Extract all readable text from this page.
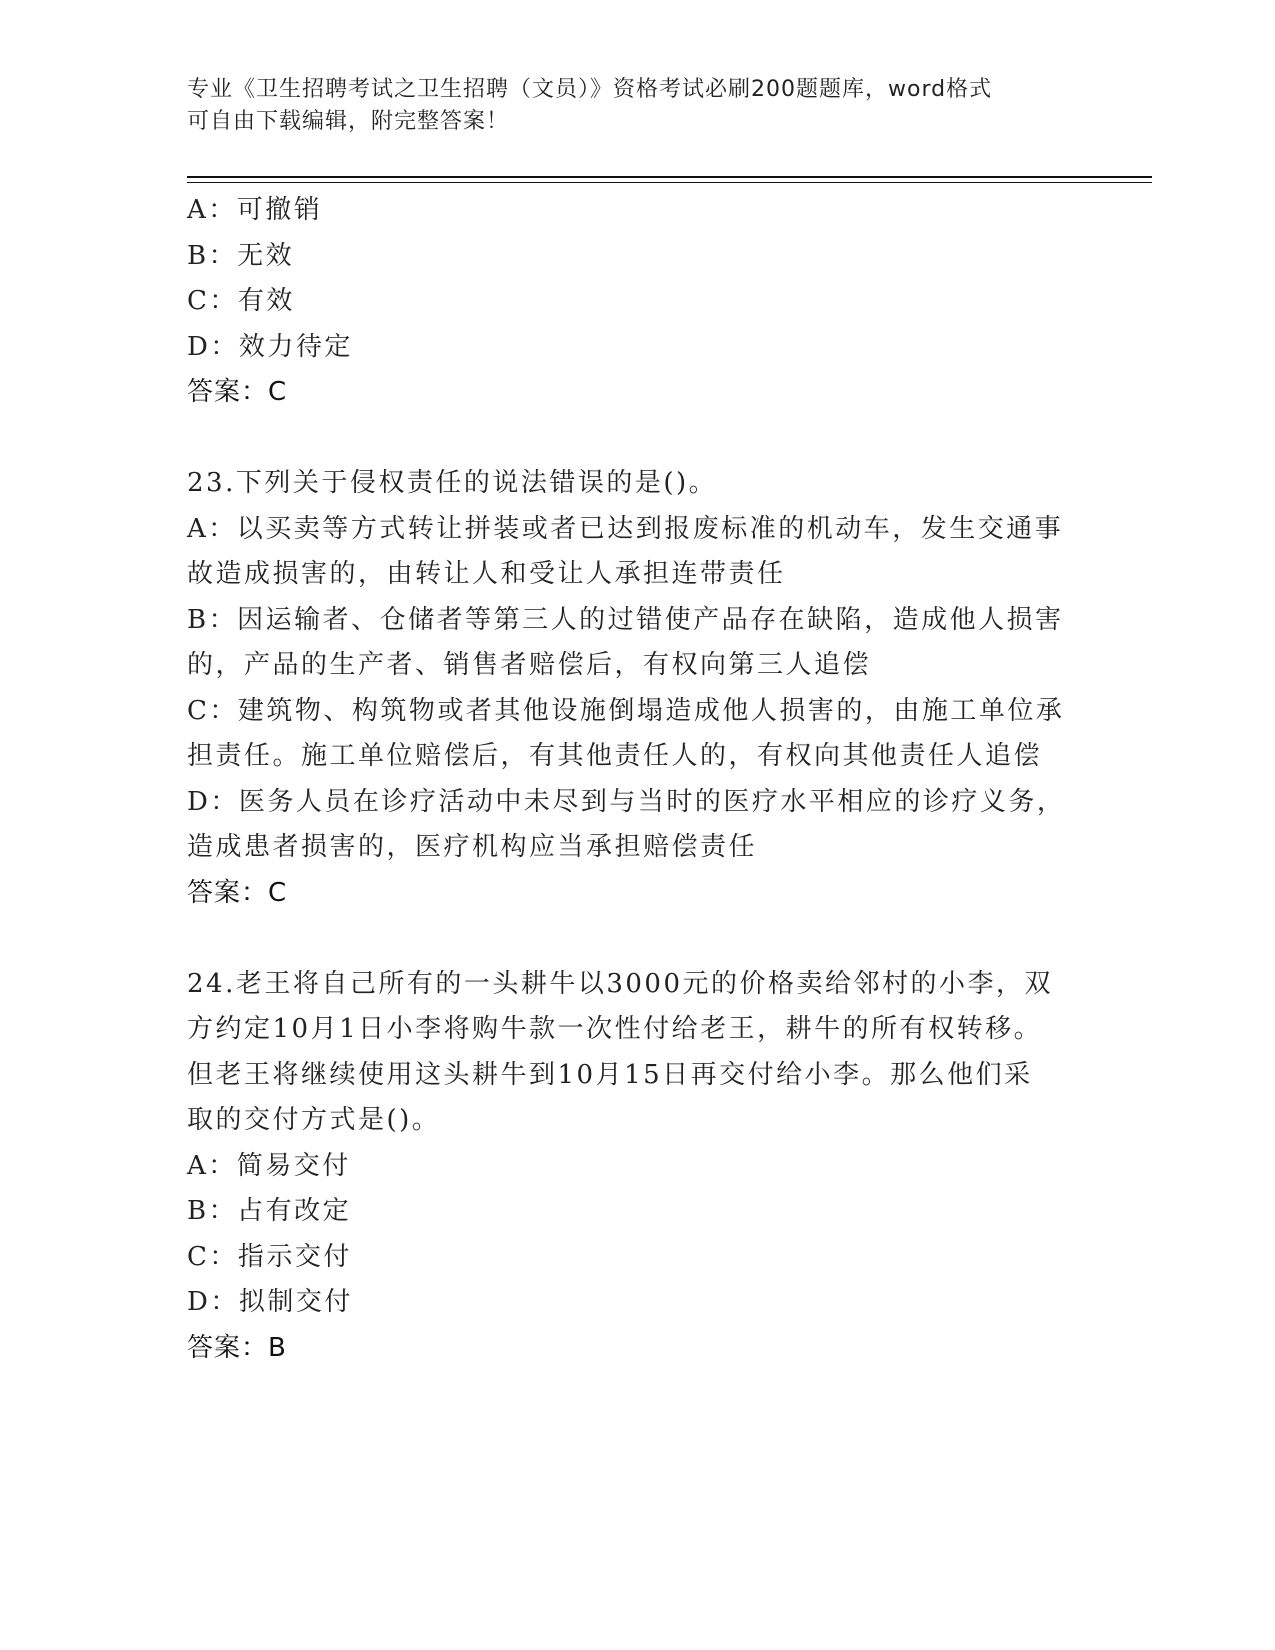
专业《卫生招聘考试之卫生招聘（文员）》资格考试必刷200题题库，word格式
可自由下载编辑，附完整答案！
A：可撤销
B：无效
C：有效
D：效力待定
答案：C
23.下列关于侵权责任的说法错误的是()。
A：以买卖等方式转让拼装或者已达到报废标准的机动车，发生交通事
故造成损害的，由转让人和受让人承担连带责任
B：因运输者、仓储者等第三人的过错使产品存在缺陷，造成他人损害
的，产品的生产者、销售者赔偿后，有权向第三人追偿
C：建筑物、构筑物或者其他设施倒塌造成他人损害的，由施工单位承
担责任。施工单位赔偿后，有其他责任人的，有权向其他责任人追偿
D：医务人员在诊疗活动中未尽到与当时的医疗水平相应的诊疗义务，
造成患者损害的，医疗机构应当承担赔偿责任
答案：C
24.老王将自己所有的一头耕牛以3000元的价格卖给邻村的小李，双
方约定10月1日小李将购牛款一次性付给老王，耕牛的所有权转移。
但老王将继续使用这头耕牛到10月15日再交付给小李。那么他们采
取的交付方式是()。
A：简易交付
B：占有改定
C：指示交付
D：拟制交付
答案：B
